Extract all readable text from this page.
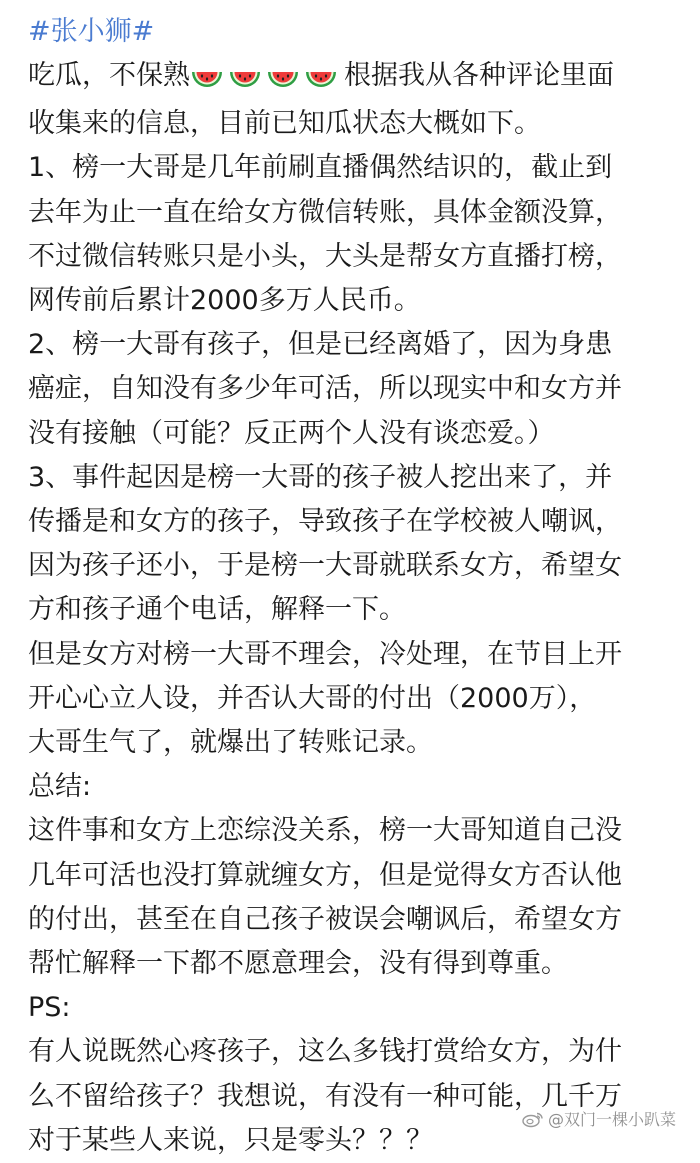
#张小狮#
吃瓜，不保熟	根据我从各种评论里面
收集来的信息，目前已知瓜状态大概如下。
1、榜一大哥是几年前刷直播偶然结识的，截止到
去年为止一直在给女方微信转账，具体金额没算，
不过微信转账只是小头，大头是帮女方直播打榜，
网传前后累计2000多万人民币。
2、榜一大哥有孩子，但是已经离婚了，因为身患
癌症，自知没有多少年可活，所以现实中和女方并
没有接触（可能？反正两个人没有谈恋爱。）
3、事件起因是榜一大哥的孩子被人挖出来了，并
传播是和女方的孩子，导致孩子在学校被人嘲讽，
因为孩子还小，于是榜一大哥就联系女方，希望女
方和孩子通个电话，解释一下。
但是女方对榜一大哥不理会，冷处理，在节目上开
开心心立人设，并否认大哥的付出（2000万），
大哥生气了，就爆出了转账记录。
总结:
这件事和女方上恋综没关系，榜一大哥知道自己没
几年可活也没打算就缠女方，但是觉得女方否认他
的付出，甚至在自己孩子被误会嘲讽后，希望女方
帮忙解释一下都不愿意理会，没有得到尊重。
PS:
有人说既然心疼孩子，这么多钱打赏给女方，为什
么不留给孩子？我想说，有没有一种可能，几千万
对于某些人来说，只是零头？？？
@双门一棵小趴菜
